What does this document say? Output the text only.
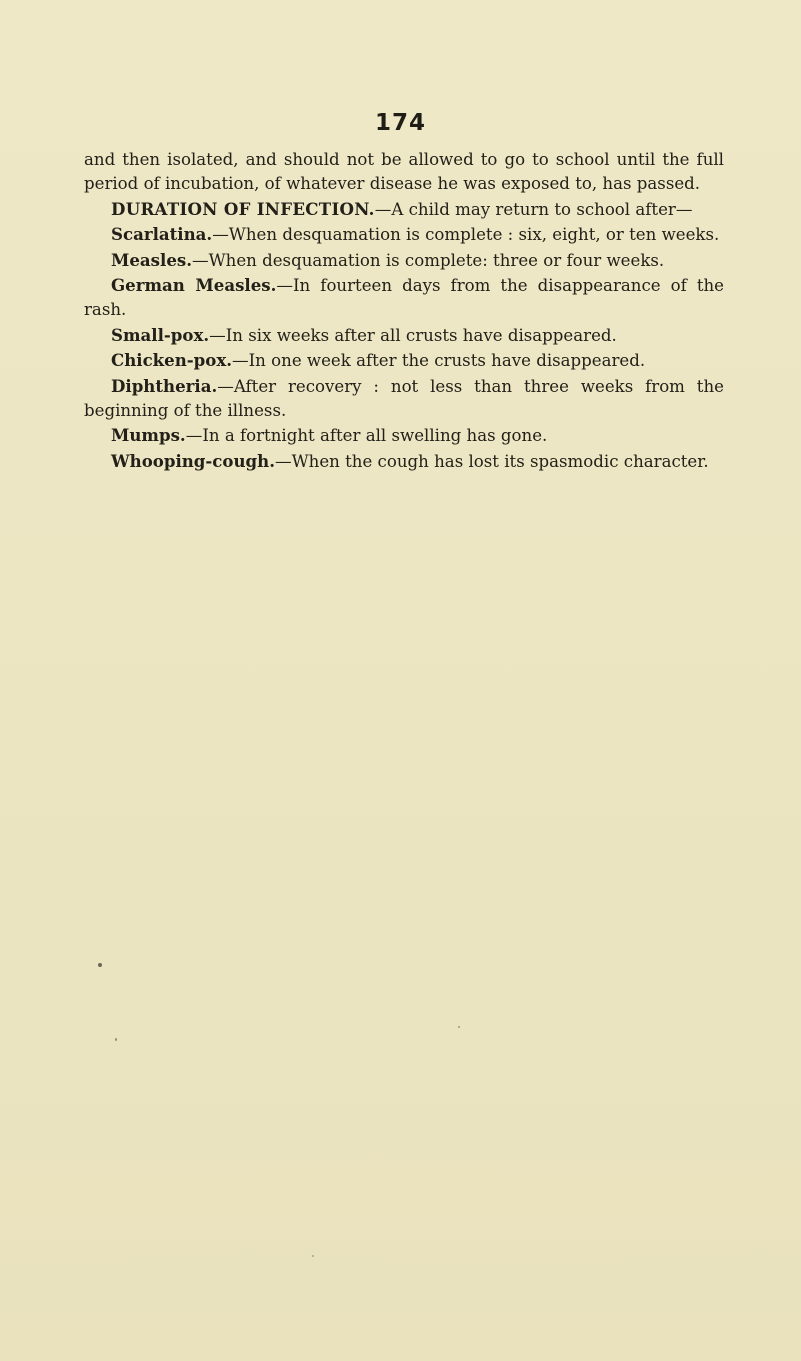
174

and then isolated, and should not be allowed to go to school until the full period of incubation, of whatever disease he was exposed to, has passed.

DURATION OF INFECTION.—A child may return to school after—

Scarlatina.—When desquamation is complete : six, eight, or ten weeks.

Measles.—When desquamation is complete: three or four weeks.

German Measles.—In fourteen days from the disappearance of the rash.

Small-pox.—In six weeks after all crusts have disappeared.

Chicken-pox.—In one week after the crusts have disappeared.

Diphtheria.—After recovery : not less than three weeks from the beginning of the illness.

Mumps.—In a fortnight after all swelling has gone.

Whooping-cough.—When the cough has lost its spasmodic character.
